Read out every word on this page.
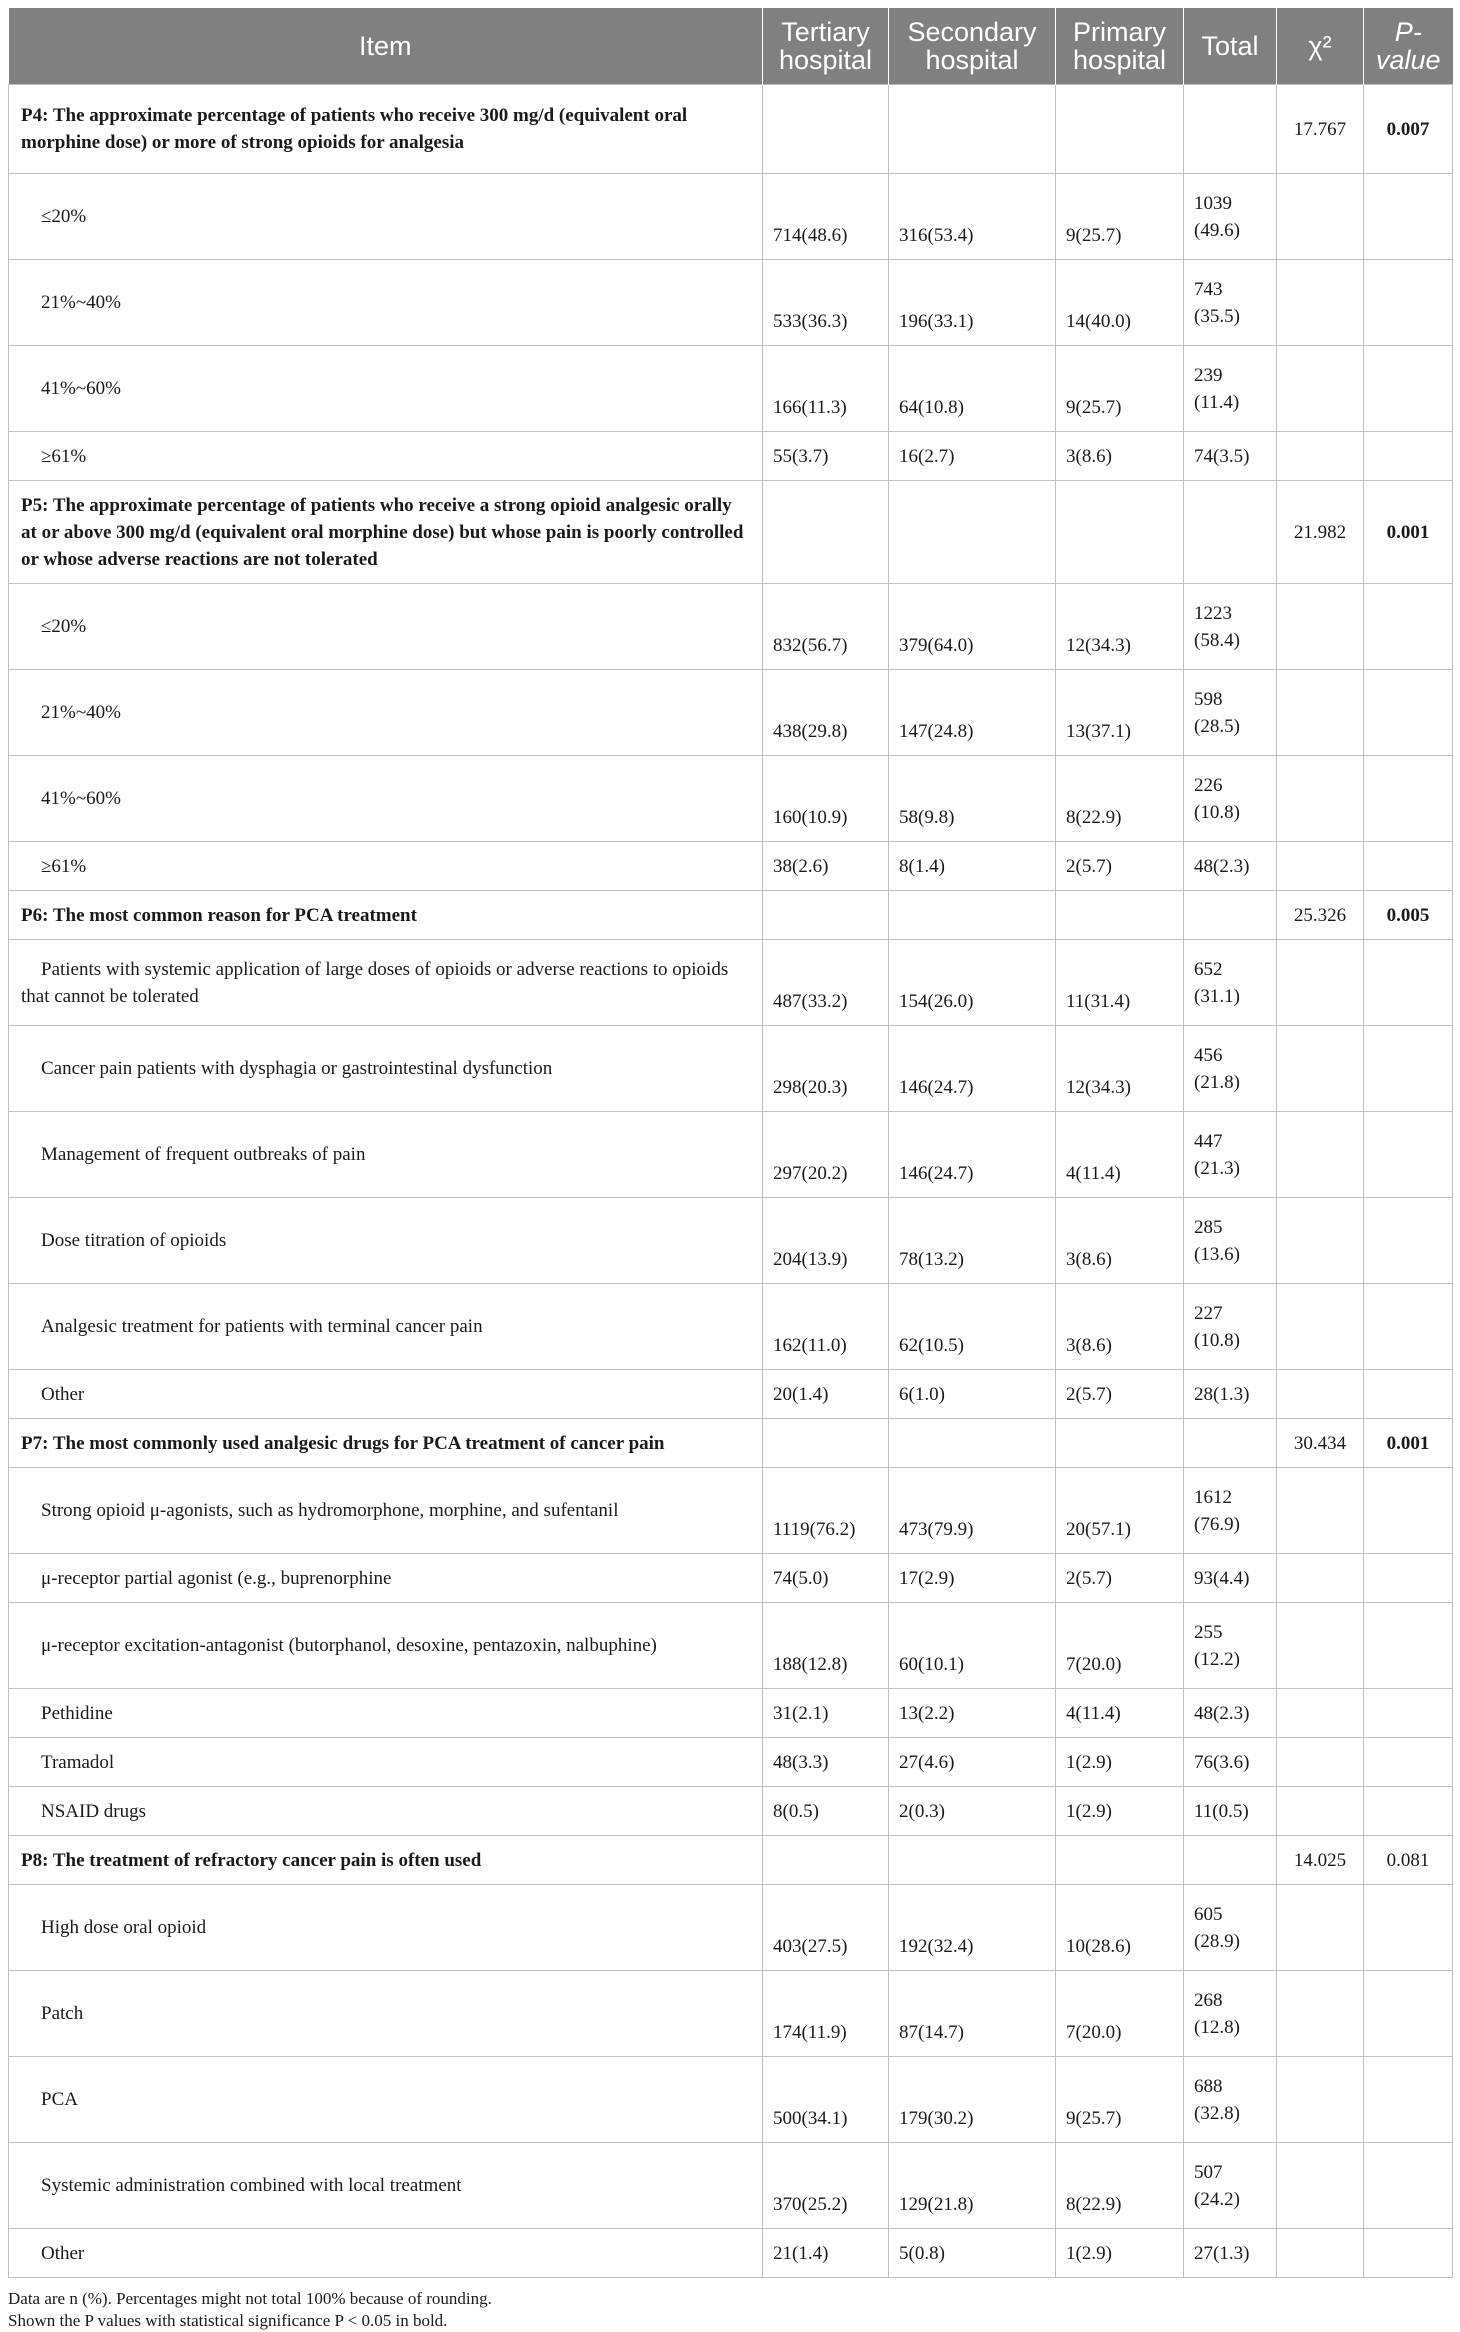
Item	Tertiary hospital	Secondary hospital	Primary hospital	Total	χ²	P-value
P4: The approximate percentage of patients who receive 300 mg/d (equivalent oral morphine dose) or more of strong opioids for analgesia					17.767	0.007

≤20%	714(48.6)	316(53.4)	9(25.7)	1039 (49.6)		

21%~40%	533(36.3)	196(33.1)	14(40.0)	743 (35.5)		

41%~60%	166(11.3)	64(10.8)	9(25.7)	239 (11.4)		

≥61%	55(3.7)	16(2.7)	3(8.6)	74(3.5)		
P5: The approximate percentage of patients who receive a strong opioid analgesic orally at or above 300 mg/d (equivalent oral morphine dose) but whose pain is poorly controlled or whose adverse reactions are not tolerated					21.982	0.001

≤20%	832(56.7)	379(64.0)	12(34.3)	1223 (58.4)		

21%~40%	438(29.8)	147(24.8)	13(37.1)	598 (28.5)		

41%~60%	160(10.9)	58(9.8)	8(22.9)	226 (10.8)		

≥61%	38(2.6)	8(1.4)	2(5.7)	48(2.3)		
P6: The most common reason for PCA treatment					25.326	0.005

Patients with systemic application of large doses of opioids or adverse reactions to opioids that cannot be tolerated	487(33.2)	154(26.0)	11(31.4)	652 (31.1)		

Cancer pain patients with dysphagia or gastrointestinal dysfunction	298(20.3)	146(24.7)	12(34.3)	456 (21.8)		

Management of frequent outbreaks of pain	297(20.2)	146(24.7)	4(11.4)	447 (21.3)		

Dose titration of opioids	204(13.9)	78(13.2)	3(8.6)	285 (13.6)		

Analgesic treatment for patients with terminal cancer pain	162(11.0)	62(10.5)	3(8.6)	227 (10.8)		

Other	20(1.4)	6(1.0)	2(5.7)	28(1.3)		
P7: The most commonly used analgesic drugs for PCA treatment of cancer pain					30.434	0.001

Strong opioid μ-agonists, such as hydromorphone, morphine, and sufentanil	1119(76.2)	473(79.9)	20(57.1)	1612 (76.9)		

μ-receptor partial agonist (e.g., buprenorphine	74(5.0)	17(2.9)	2(5.7)	93(4.4)		

μ-receptor excitation-antagonist (butorphanol, desoxine, pentazoxin, nalbuphine)	188(12.8)	60(10.1)	7(20.0)	255 (12.2)		

Pethidine	31(2.1)	13(2.2)	4(11.4)	48(2.3)		

Tramadol	48(3.3)	27(4.6)	1(2.9)	76(3.6)		

NSAID drugs	8(0.5)	2(0.3)	1(2.9)	11(0.5)		
P8: The treatment of refractory cancer pain is often used					14.025	0.081

High dose oral opioid	403(27.5)	192(32.4)	10(28.6)	605 (28.9)		

Patch	174(11.9)	87(14.7)	7(20.0)	268 (12.8)		

PCA	500(34.1)	179(30.2)	9(25.7)	688 (32.8)		

Systemic administration combined with local treatment	370(25.2)	129(21.8)	8(22.9)	507 (24.2)		

Other	21(1.4)	5(0.8)	1(2.9)	27(1.3)		
Data are n (%). Percentages might not total 100% because of rounding.
Shown the P values with statistical significance P < 0.05 in bold.
